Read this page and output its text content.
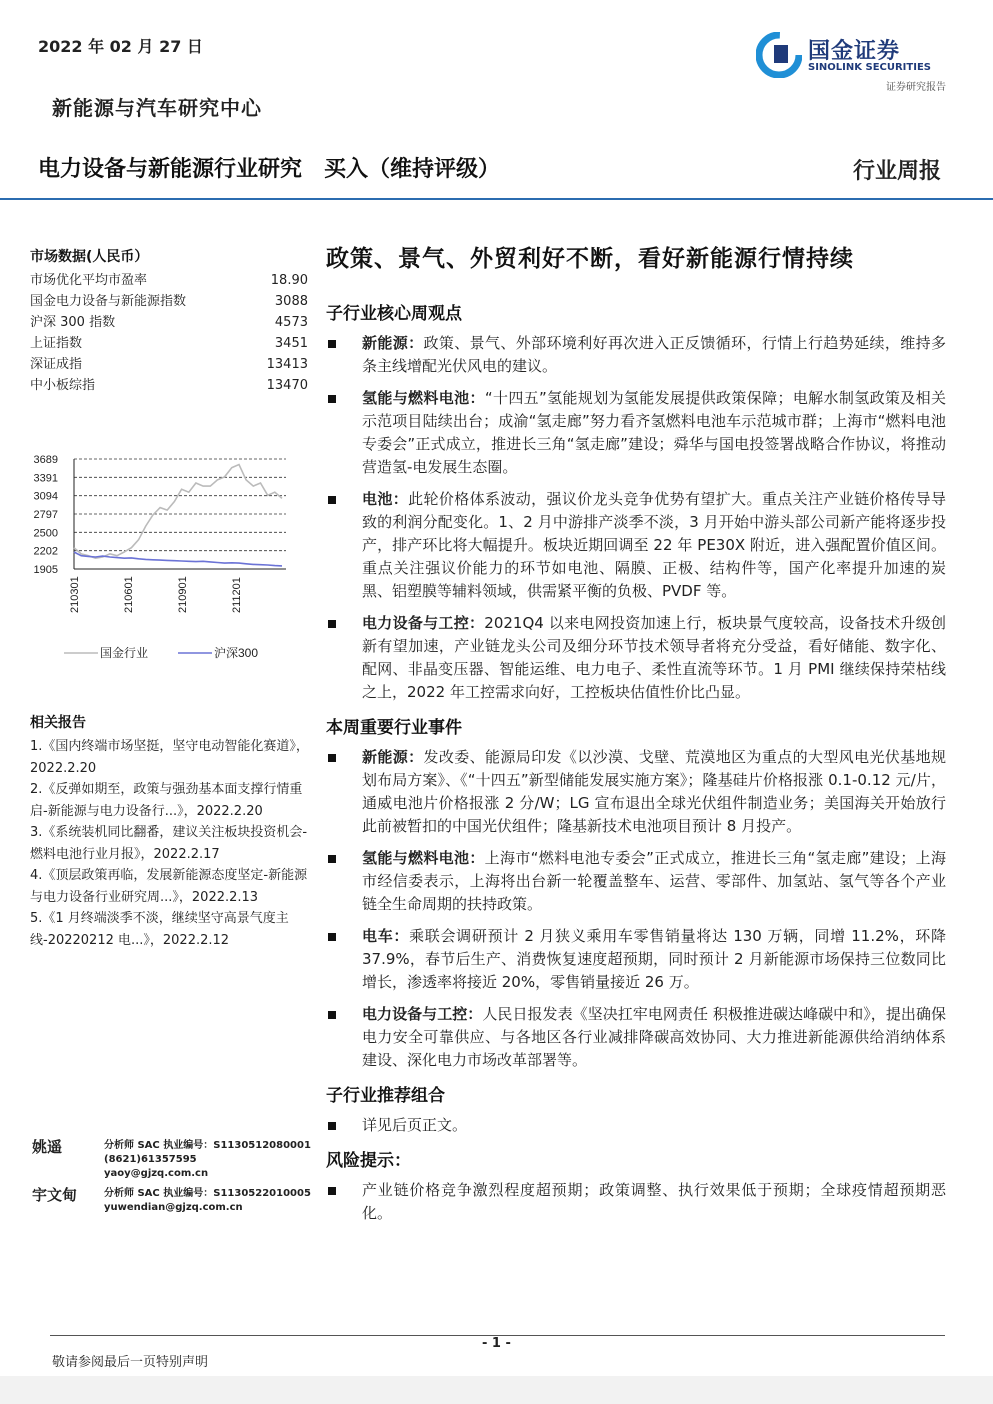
2022 年 02 月 27 日
新能源与汽车研究中心
国金证券
SINOLINK SECURITIES
证券研究报告
电力设备与新能源行业研究 买入（维持评级）	行业周报
市场数据(人民币）
市场优化平均市盈率	18.90
国金电力设备与新能源指数	3088
沪深 300 指数	4573
上证指数	3451
深证成指	13413
中小板综指	13470
3689
3391
3094
2797
2500
2202
1905
210301	210601	210901	211201
国金行业	沪深300
相关报告
1.《国内终端市场坚挺，坚守电动智能化赛道》，2022.2.20
2.《反弹如期至，政策与强劲基本面支撑行情重启-新能源与电力设备行...》，2022.2.20
3.《系统装机同比翻番，建议关注板块投资机会-燃料电池行业月报》，2022.2.17
4.《顶层政策再临，发展新能源态度坚定-新能源与电力设备行业研究周...》，2022.2.13
5.《1 月终端淡季不淡，继续坚守高景气度主线-20220212 电...》，2022.2.12
姚遥	分析师 SAC 执业编号：S1130512080001
(8621)61357595
yaoy@gjzq.com.cn
宇文甸	分析师 SAC 执业编号：S1130522010005
yuwendian@gjzq.com.cn
政策、景气、外贸利好不断，看好新能源行情持续
子行业核心周观点
新能源：政策、景气、外部环境利好再次进入正反馈循环，行情上行趋势延续，维持多条主线增配光伏风电的建议。
氢能与燃料电池：“十四五”氢能规划为氢能发展提供政策保障；电解水制氢政策及相关示范项目陆续出台；成渝“氢走廊”努力看齐氢燃料电池车示范城市群；上海市“燃料电池专委会”正式成立，推进长三角“氢走廊”建设；舜华与国电投签署战略合作协议，将推动营造氢-电发展生态圈。
电池：此轮价格体系波动，强议价龙头竞争优势有望扩大。重点关注产业链价格传导导致的利润分配变化。1、2 月中游排产淡季不淡，3 月开始中游头部公司新产能将逐步投产，排产环比将大幅提升。板块近期回调至 22 年 PE30X 附近，进入强配置价值区间。重点关注强议价能力的环节如电池、隔膜、正极、结构件等，国产化率提升加速的炭黑、铝塑膜等辅料领域，供需紧平衡的负极、PVDF 等。
电力设备与工控：2021Q4 以来电网投资加速上行，板块景气度较高，设备技术升级创新有望加速，产业链龙头公司及细分环节技术领导者将充分受益，看好储能、数字化、配网、非晶变压器、智能运维、电力电子、柔性直流等环节。1 月 PMI 继续保持荣枯线之上，2022 年工控需求向好，工控板块估值性价比凸显。
本周重要行业事件
新能源：发改委、能源局印发《以沙漠、戈壁、荒漠地区为重点的大型风电光伏基地规划布局方案》、《“十四五”新型储能发展实施方案》；隆基硅片价格报涨 0.1-0.12 元/片，通威电池片价格报涨 2 分/W；LG 宣布退出全球光伏组件制造业务；美国海关开始放行此前被暂扣的中国光伏组件；隆基新技术电池项目预计 8 月投产。
氢能与燃料电池：上海市“燃料电池专委会”正式成立，推进长三角“氢走廊”建设；上海市经信委表示，上海将出台新一轮覆盖整车、运营、零部件、加氢站、氢气等各个产业链全生命周期的扶持政策。
电车：乘联会调研预计 2 月狭义乘用车零售销量将达 130 万辆，同增 11.2%，环降 37.9%，春节后生产、消费恢复速度超预期，同时预计 2 月新能源市场保持三位数同比增长，渗透率将接近 20%，零售销量接近 26 万。
电力设备与工控：人民日报发表《坚决扛牢电网责任 积极推进碳达峰碳中和》，提出确保电力安全可靠供应、与各地区各行业减排降碳高效协同、大力推进新能源供给消纳体系建设、深化电力市场改革部署等。
子行业推荐组合
详见后页正文。
风险提示：
产业链价格竞争激烈程度超预期；政策调整、执行效果低于预期；全球疫情超预期恶化。
- 1 -
敬请参阅最后一页特别声明
